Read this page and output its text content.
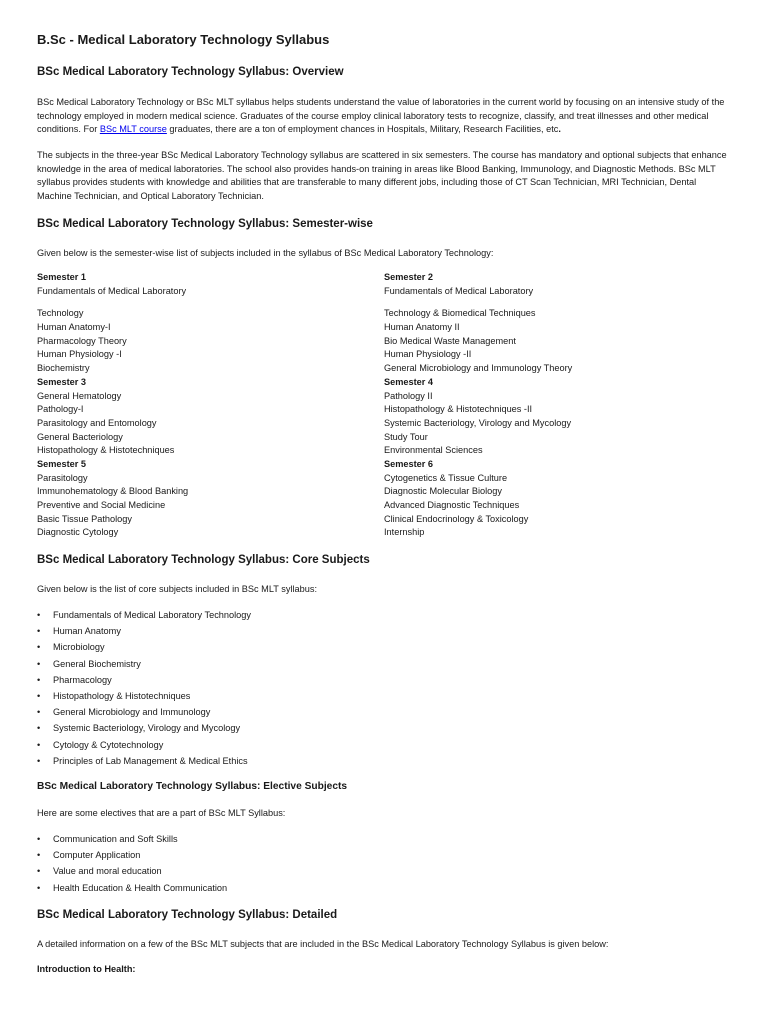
B.Sc - Medical Laboratory Technology Syllabus
BSc Medical Laboratory Technology Syllabus: Overview

BSc Medical Laboratory Technology or BSc MLT syllabus helps students understand the value of laboratories in the current world by focusing on an intensive study of the technology employed in modern medical science. Graduates of the course employ clinical laboratory tests to recognize, classify, and treat illnesses and other medical conditions. For BSc MLT course graduates, there are a ton of employment chances in Hospitals, Military, Research Facilities, etc.

The subjects in the three-year BSc Medical Laboratory Technology syllabus are scattered in six semesters. The course has mandatory and optional subjects that enhance knowledge in the area of medical laboratories. The school also provides hands-on training in areas like Blood Banking, Immunology, and Diagnostic Methods. BSc MLT syllabus provides students with knowledge and abilities that are transferable to many different jobs, including those of CT Scan Technician, MRI Technician, Dental Machine Technician, and Optical Laboratory Technician.

BSc Medical Laboratory Technology Syllabus: Semester-wise
Given below is the semester-wise list of subjects included in the syllabus of BSc Medical Laboratory Technology:
Semester 1
Fundamentals of Medical Laboratory
Technology
Human Anatomy-I
Pharmacology Theory
Human Physiology -I
Biochemistry
Semester 3
General Hematology
Pathology-I
Parasitology and Entomology
General Bacteriology
Histopathology & Histotechniques
Semester 5
Parasitology
Immunohematology & Blood Banking
Preventive and Social Medicine
Basic Tissue Pathology
Diagnostic Cytology
Semester 2
Fundamentals of Medical Laboratory
Technology & Biomedical Techniques
Human Anatomy II
Bio Medical Waste Management
Human Physiology -II
General Microbiology and Immunology Theory
Semester 4
Pathology II
Histopathology & Histotechniques -II
Systemic Bacteriology, Virology and Mycology
Study Tour
Environmental Sciences
Semester 6
Cytogenetics & Tissue Culture
Diagnostic Molecular Biology
Advanced Diagnostic Techniques
Clinical Endocrinology & Toxicology
Internship
BSc Medical Laboratory Technology Syllabus: Core Subjects
Given below is the list of core subjects included in BSc MLT syllabus:
• Fundamentals of Medical Laboratory Technology
• Human Anatomy
• Microbiology
• General Biochemistry
• Pharmacology
• Histopathology & Histotechniques
• General Microbiology and Immunology
• Systemic Bacteriology, Virology and Mycology
• Cytology & Cytotechnology
• Principles of Lab Management & Medical Ethics
BSc Medical Laboratory Technology Syllabus: Elective Subjects
Here are some electives that are a part of BSc MLT Syllabus:
• Communication and Soft Skills
• Computer Application
• Value and moral education
• Health Education & Health Communication
BSc Medical Laboratory Technology Syllabus: Detailed
A detailed information on a few of the BSc MLT subjects that are included in the BSc Medical Laboratory Technology Syllabus is given below:
Introduction to Health:
